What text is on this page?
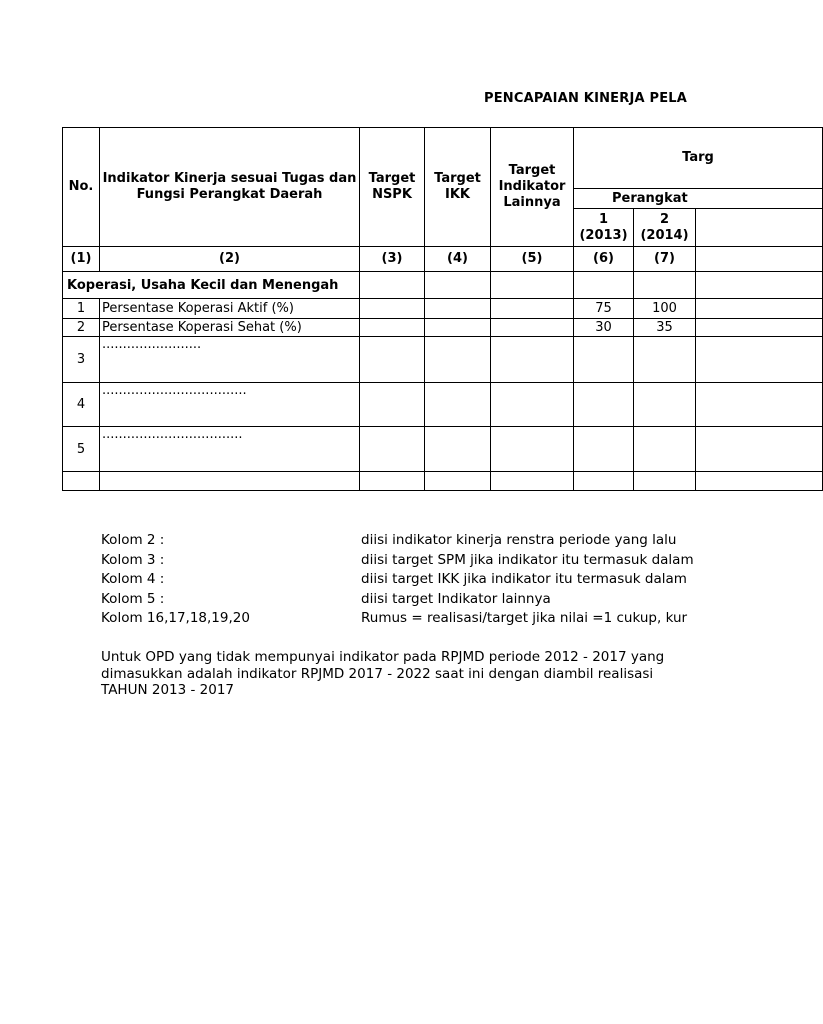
PENCAPAIAN KINERJA PELA
No.	Indikator Kinerja sesuai Tugas dan Fungsi Perangkat Daerah	Target NSPK	Target IKK	Target Indikator Lainnya	Targ		
					Perangkat		
					1 (2013)	2 (2014)	
(1)	(2)	(3)	(4)	(5)	(6)	(7)	
Koperasi, Usaha Kecil dan Menengah							
1	Persentase Koperasi Aktif (%)				75	100	
2	Persentase Koperasi Sehat (%)				30	35	
3	........................						
4	...................................						
5	..................................						

Kolom 2 :	diisi indikator kinerja renstra periode yang lalu
Kolom 3 :	diisi target SPM jika indikator itu termasuk dalam
Kolom 4 :	diisi target IKK jika indikator itu termasuk dalam
Kolom 5 :	diisi target Indikator lainnya
Kolom 16,17,18,19,20	Rumus = realisasi/target jika nilai =1 cukup, kur
Untuk OPD yang tidak mempunyai indikator pada RPJMD periode 2012 - 2017 yang dimasukkan adalah indikator RPJMD 2017 - 2022 saat ini dengan diambil realisasi TAHUN 2013 - 2017
